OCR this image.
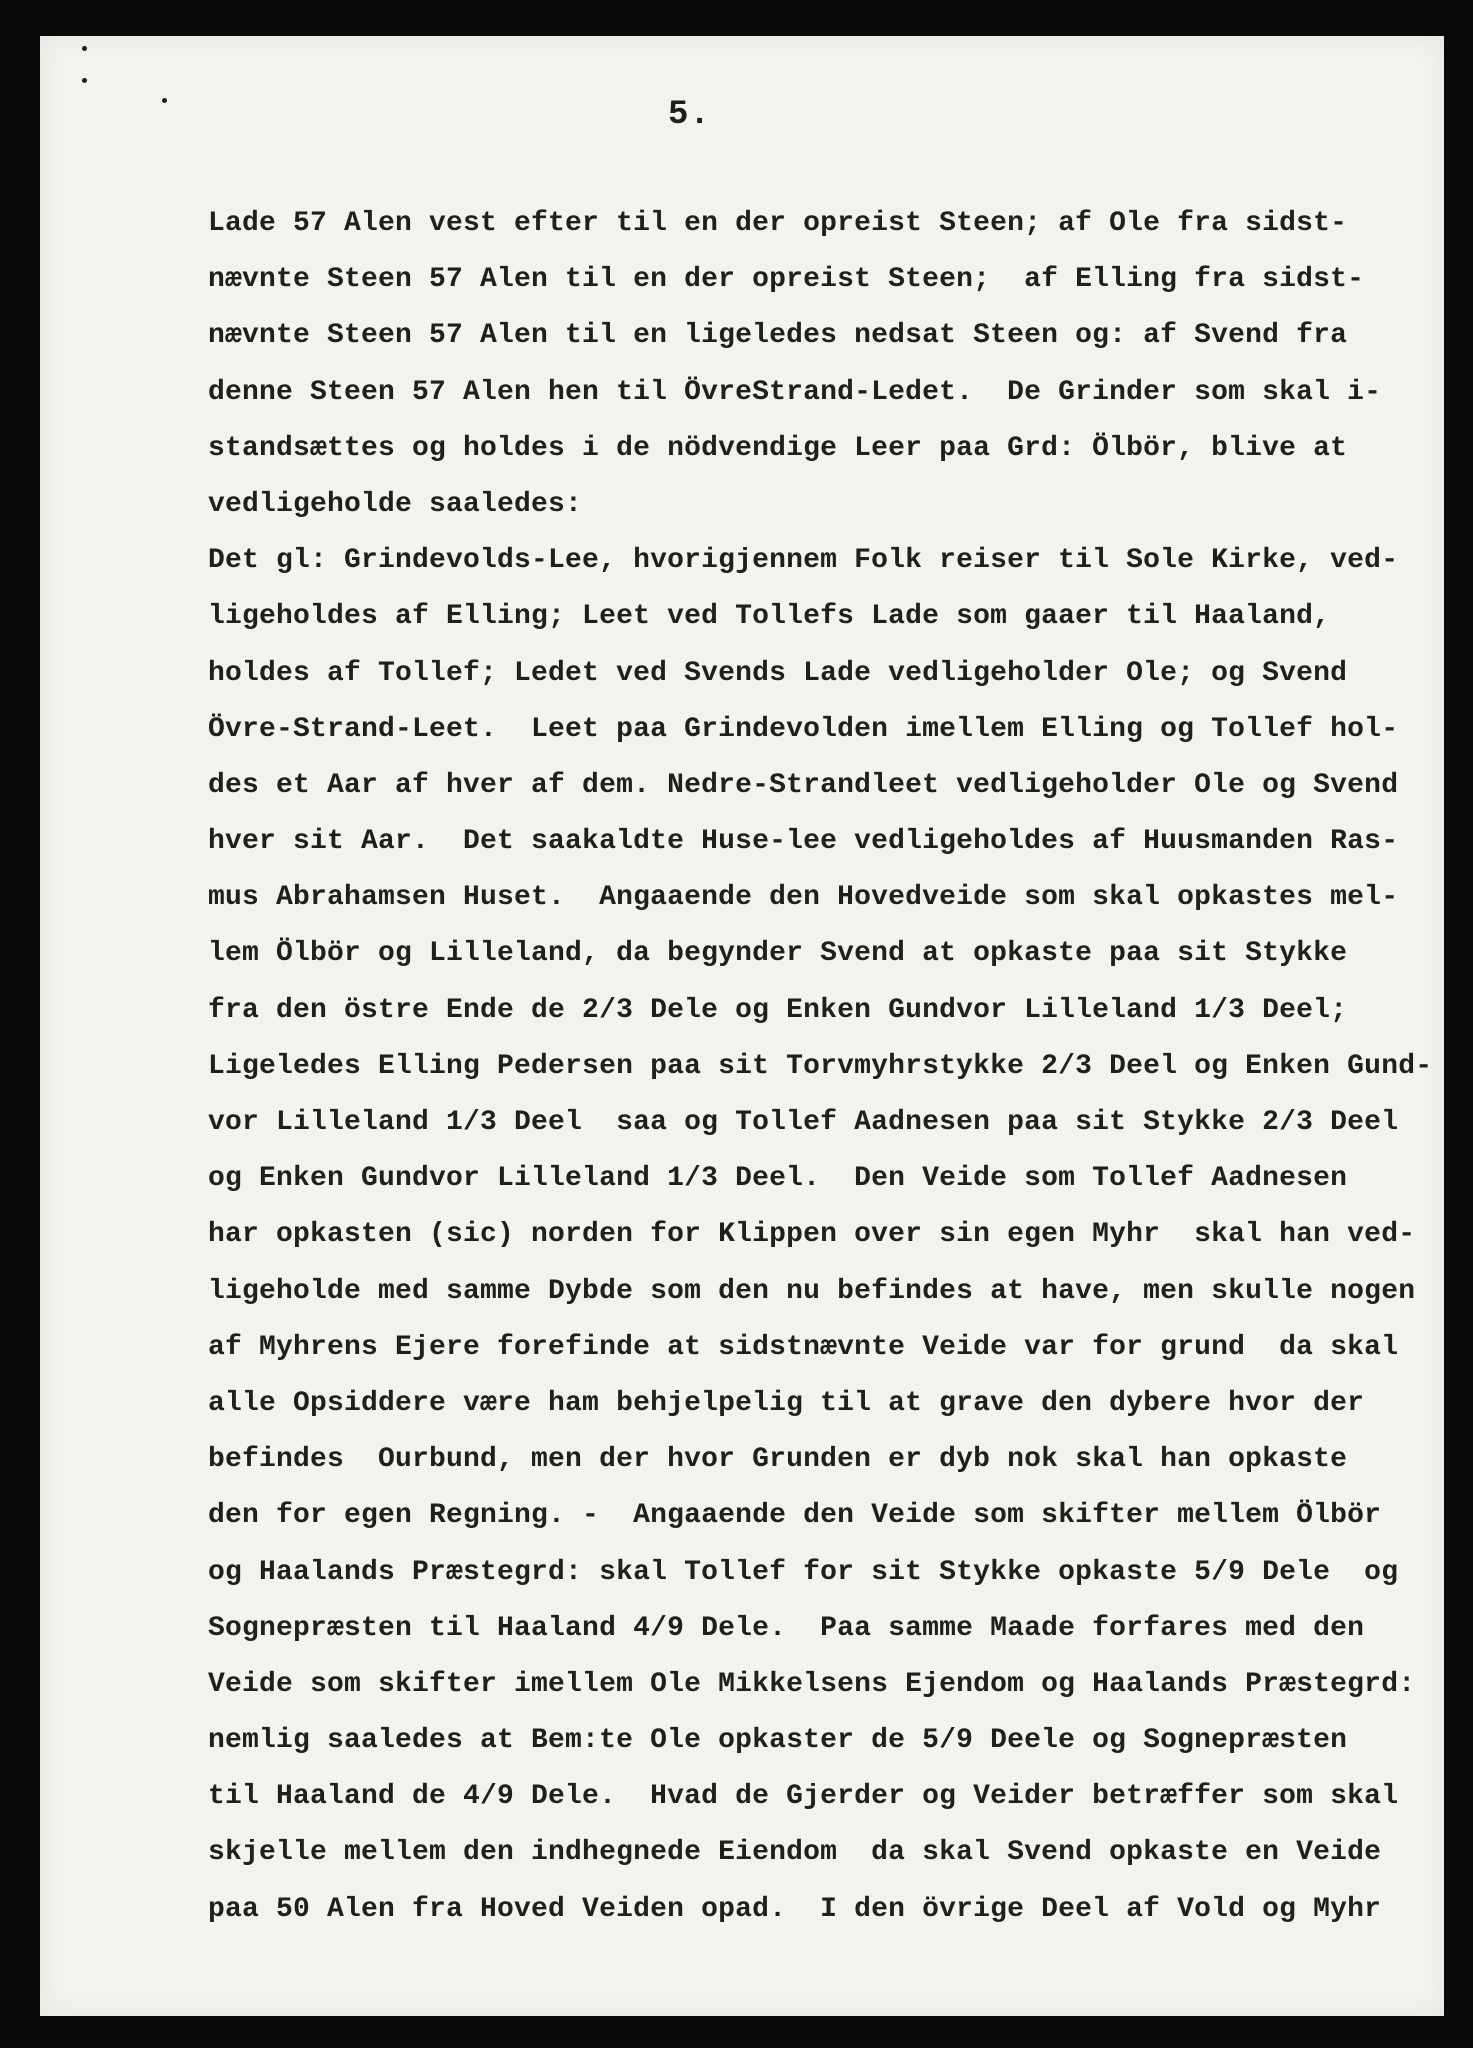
5.
Lade 57 Alen vest efter til en der opreist Steen; af Ole fra sidst-
nævnte Steen 57 Alen til en der opreist Steen;  af Elling fra sidst-
nævnte Steen 57 Alen til en ligeledes nedsat Steen og: af Svend fra
denne Steen 57 Alen hen til ÖvreStrand-Ledet.  De Grinder som skal i-
standsættes og holdes i de nödvendige Leer paa Grd: Ölbör, blive at
vedligeholde saaledes:
Det gl: Grindevolds-Lee, hvorigjennem Folk reiser til Sole Kirke, ved-
ligeholdes af Elling; Leet ved Tollefs Lade som gaaer til Haaland,
holdes af Tollef; Ledet ved Svends Lade vedligeholder Ole; og Svend
Övre-Strand-Leet.  Leet paa Grindevolden imellem Elling og Tollef hol-
des et Aar af hver af dem. Nedre-Strandleet vedligeholder Ole og Svend
hver sit Aar.  Det saakaldte Huse-lee vedligeholdes af Huusmanden Ras-
mus Abrahamsen Huset.  Angaaende den Hovedveide som skal opkastes mel-
lem Ölbör og Lilleland, da begynder Svend at opkaste paa sit Stykke
fra den östre Ende de 2/3 Dele og Enken Gundvor Lilleland 1/3 Deel;
Ligeledes Elling Pedersen paa sit Torvmyhrstykke 2/3 Deel og Enken Gund-
vor Lilleland 1/3 Deel  saa og Tollef Aadnesen paa sit Stykke 2/3 Deel
og Enken Gundvor Lilleland 1/3 Deel.  Den Veide som Tollef Aadnesen
har opkasten (sic) norden for Klippen over sin egen Myhr  skal han ved-
ligeholde med samme Dybde som den nu befindes at have, men skulle nogen
af Myhrens Ejere forefinde at sidstnævnte Veide var for grund  da skal
alle Opsiddere være ham behjelpelig til at grave den dybere hvor der
befindes  Ourbund, men der hvor Grunden er dyb nok skal han opkaste
den for egen Regning. -  Angaaende den Veide som skifter mellem Ölbör
og Haalands Præstegrd: skal Tollef for sit Stykke opkaste 5/9 Dele  og
Sognepræsten til Haaland 4/9 Dele.  Paa samme Maade forfares med den
Veide som skifter imellem Ole Mikkelsens Ejendom og Haalands Præstegrd:
nemlig saaledes at Bem:te Ole opkaster de 5/9 Deele og Sognepræsten
til Haaland de 4/9 Dele.  Hvad de Gjerder og Veider betræffer som skal
skjelle mellem den indhegnede Eiendom  da skal Svend opkaste en Veide
paa 50 Alen fra Hoved Veiden opad.  I den övrige Deel af Vold og Myhr
